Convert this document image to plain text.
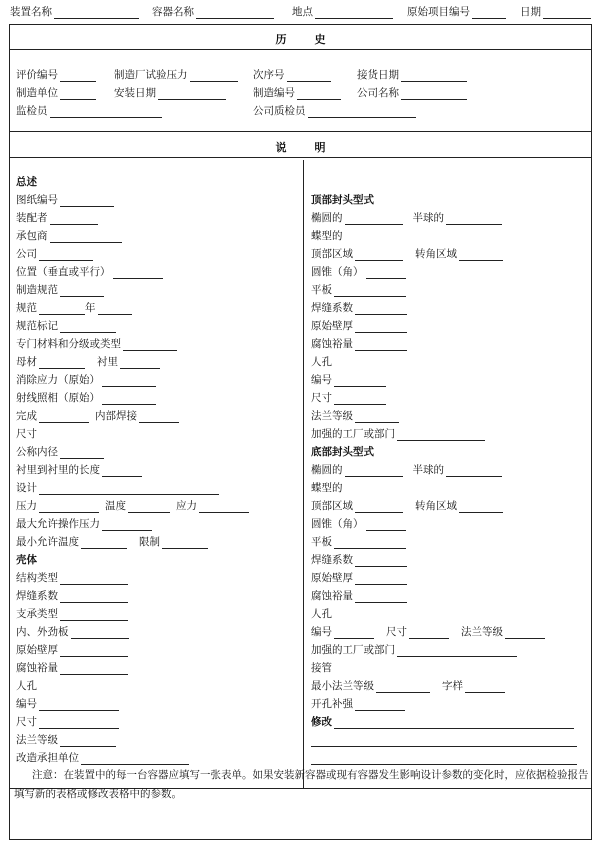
装置名称	容器名称	地点	原始项目编号	日期
历	史
评价编号	制造厂试验压力	次序号	接货日期
制造单位	安装日期	制造编号	公司名称
监检员	公司质检员
说	明
总述
图纸编号
装配者
承包商
公司
位置（垂直或平行）
制造规范
规范	年
规范标记
专门材料和分级或类型
母材	衬里
消除应力（原始）
射线照相（原始）
完成	内部焊接
尺寸
公称内径
衬里到衬里的长度
设计
压力	温度	应力
最大允许操作压力
最小允许温度	限制
壳体
结构类型
焊缝系数
支承类型
内、外劲板
原始壁厚
腐蚀裕量
人孔
编号
尺寸
法兰等级
改造承担单位
顶部封头型式
椭圆的	半球的
蝶型的
顶部区域	转角区域
圆锥（角）
平板
焊缝系数
原始壁厚
腐蚀裕量
人孔
编号
尺寸
法兰等级
加强的工厂或部门
底部封头型式
椭圆的	半球的
蝶型的
顶部区域	转角区域
圆锥（角）
平板
焊缝系数
原始壁厚
腐蚀裕量
人孔
编号	尺寸	法兰等级
加强的工厂或部门
接管
最小法兰等级	字样
开孔补强
修改
注意：在装置中的每一台容器应填写一张表单。如果安装新容器或现有容器发生影响设计参数的变化时，应依据检验报告填写新的表格或修改表格中的参数。
